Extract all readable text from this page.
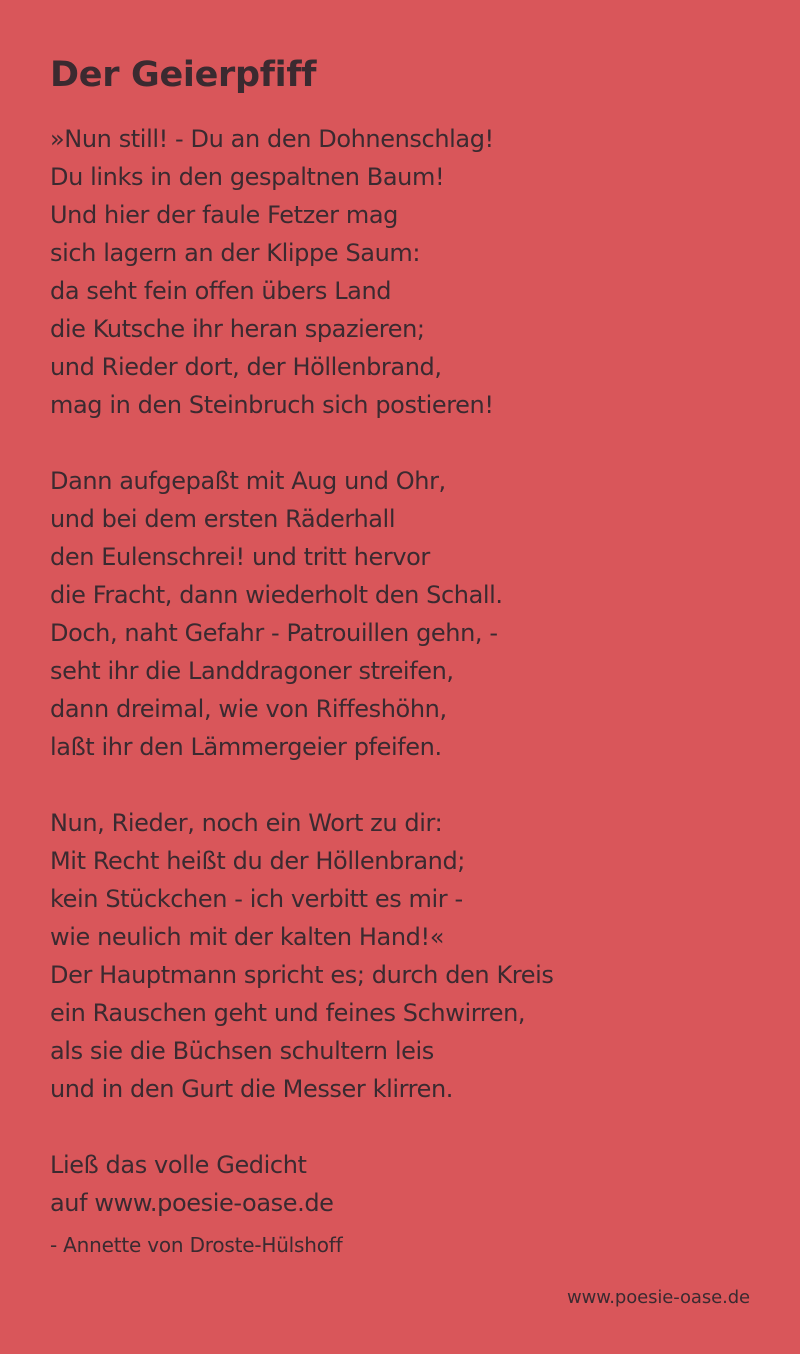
Der Geierpfiff
»Nun still! - Du an den Dohnenschlag!
Du links in den gespaltnen Baum!
Und hier der faule Fetzer mag
sich lagern an der Klippe Saum:
da seht fein offen übers Land
die Kutsche ihr heran spazieren;
und Rieder dort, der Höllenbrand,
mag in den Steinbruch sich postieren!
Dann aufgepaßt mit Aug und Ohr,
und bei dem ersten Räderhall
den Eulenschrei! und tritt hervor
die Fracht, dann wiederholt den Schall.
Doch, naht Gefahr - Patrouillen gehn, -
seht ihr die Landdragoner streifen,
dann dreimal, wie von Riffeshöhn,
laßt ihr den Lämmergeier pfeifen.
Nun, Rieder, noch ein Wort zu dir:
Mit Recht heißt du der Höllenbrand;
kein Stückchen - ich verbitt es mir -
wie neulich mit der kalten Hand!«
Der Hauptmann spricht es; durch den Kreis
ein Rauschen geht und feines Schwirren,
als sie die Büchsen schultern leis
und in den Gurt die Messer klirren.
Ließ das volle Gedicht
auf www.poesie-oase.de
- Annette von Droste-Hülshoff
www.poesie-oase.de
